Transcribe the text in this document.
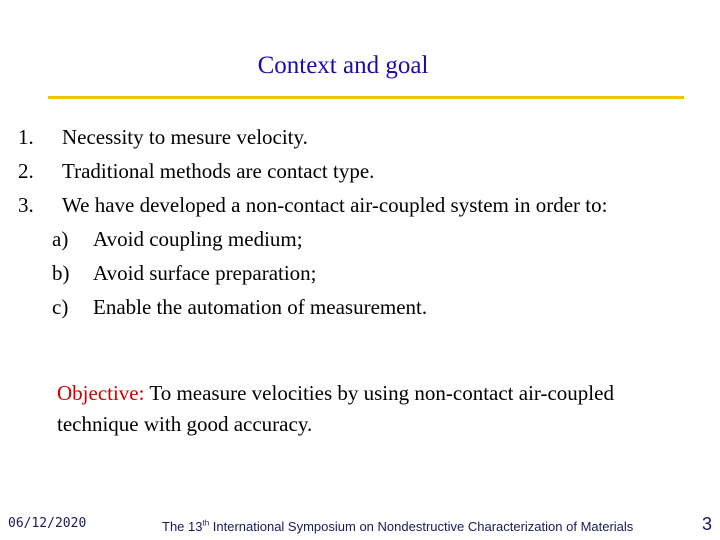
Context and goal
1.	Necessity to mesure velocity.
2.	Traditional methods are contact type.
3.	We have developed a non-contact air-coupled system in order to:
a)	Avoid coupling medium;
b)	Avoid surface preparation;
c)	Enable the automation of measurement.
Objective: To measure velocities by using non-contact air-coupled technique with good accuracy.
06/12/2020	The 13th International Symposium on Nondestructive Characterization of Materials	3
